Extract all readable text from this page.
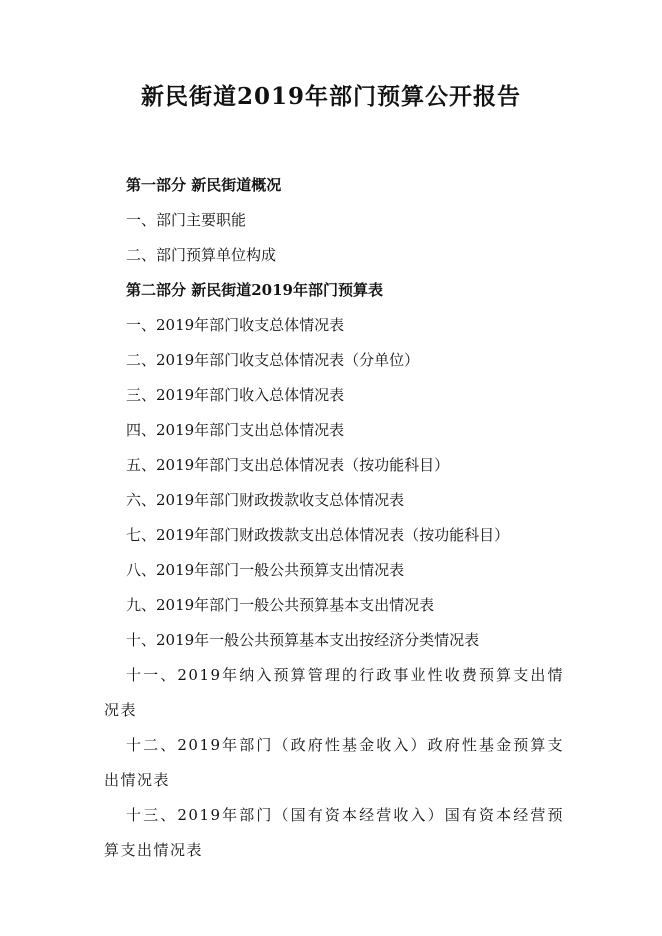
新民街道2019年部门预算公开报告
第一部分 新民街道概况
一、部门主要职能
二、部门预算单位构成
第二部分 新民街道2019年部门预算表
一、2019年部门收支总体情况表
二、2019年部门收支总体情况表（分单位）
三、2019年部门收入总体情况表
四、2019年部门支出总体情况表
五、2019年部门支出总体情况表（按功能科目）
六、2019年部门财政拨款收支总体情况表
七、2019年部门财政拨款支出总体情况表（按功能科目）
八、2019年部门一般公共预算支出情况表
九、2019年部门一般公共预算基本支出情况表
十、2019年一般公共预算基本支出按经济分类情况表
十一、2019年纳入预算管理的行政事业性收费预算支出情况表
十二、2019年部门（政府性基金收入）政府性基金预算支出情况表
十三、2019年部门（国有资本经营收入）国有资本经营预算支出情况表
